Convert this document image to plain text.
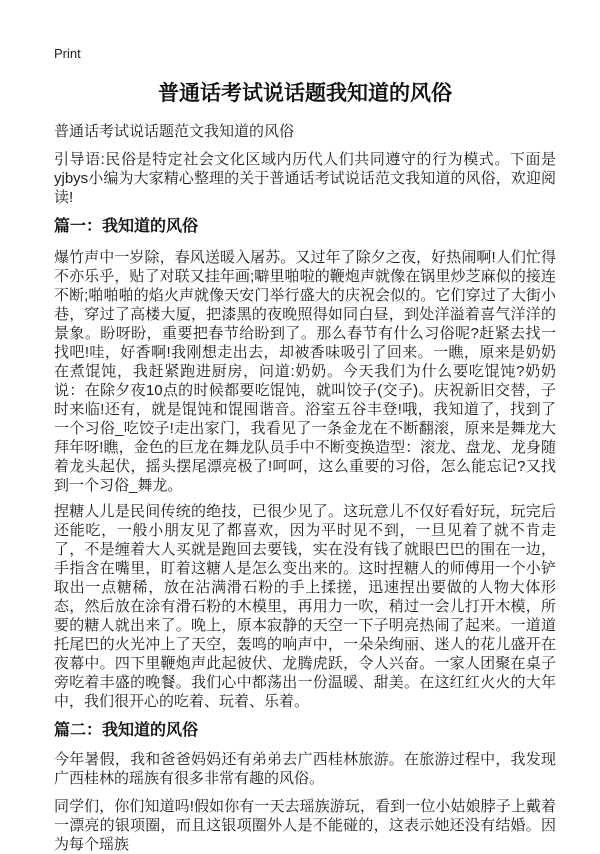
Print
普通话考试说话题我知道的风俗

普通话考试说话题范文我知道的风俗

引导语:民俗是特定社会文化区域内历代人们共同遵守的行为模式。下面是yjbys小编为大家精心整理的关于普通话考试说话范文我知道的风俗，欢迎阅读!

篇一：我知道的风俗

爆竹声中一岁除，春风送暖入屠苏。又过年了除夕之夜，好热闹啊!人们忙得不亦乐乎，贴了对联又挂年画;噼里啪啦的鞭炮声就像在锅里炒芝麻似的接连不断;啪啪啪的焰火声就像天安门举行盛大的庆祝会似的。它们穿过了大街小巷，穿过了高楼大厦，把漆黑的夜晚照得如同白昼，到处洋溢着喜气洋洋的景象。盼呀盼，重要把春节给盼到了。那么春节有什么习俗呢?赶紧去找一找吧!哇，好香啊!我刚想走出去，却被香味吸引了回来。一瞧，原来是奶奶在煮馄饨，我赶紧跑进厨房，问道:奶奶。今天我们为什么要吃馄饨?奶奶说：在除夕夜10点的时候都要吃馄饨，就叫饺子(交子)。庆祝新旧交替，子时来临!还有，就是馄饨和馄囤谐音。浴室五谷丰登!哦，我知道了，找到了一个习俗_吃饺子!走出家门，我看见了一条金龙在不断翻滚，原来是舞龙大拜年呀!瞧，金色的巨龙在舞龙队员手中不断变换造型：滚龙、盘龙、龙身随着龙头起伏，摇头摆尾漂亮极了!呵呵，这么重要的习俗，怎么能忘记?又找到一个习俗_舞龙。

捏糖人儿是民间传统的绝技，已很少见了。这玩意儿不仅好看好玩，玩完后还能吃，一般小朋友见了都喜欢，因为平时见不到，一旦见着了就不肯走了，不是缠着大人买就是跑回去要钱，实在没有钱了就眼巴巴的围在一边，手指含在嘴里，盯着这糖人是怎么变出来的。这时捏糖人的师傅用一个小铲取出一点糖稀，放在沾满滑石粉的手上揉搓，迅速捏出要做的人物大体形态，然后放在涂有滑石粉的木模里，再用力一吹，稍过一会儿打开木模，所要的糖人就出来了。晚上，原本寂静的天空一下子明亮热闹了起来。一道道托尾巴的火光冲上了天空，轰鸣的响声中，一朵朵绚丽、迷人的花儿盛开在夜幕中。四下里鞭炮声此起彼伏、龙腾虎跃，令人兴奋。一家人团聚在桌子旁吃着丰盛的晚餐。我们心中都荡出一份温暖、甜美。在这红红火火的大年中，我们很开心的吃着、玩着、乐着。

篇二：我知道的风俗

今年暑假，我和爸爸妈妈还有弟弟去广西桂林旅游。在旅游过程中，我发现广西桂林的瑶族有很多非常有趣的风俗。

同学们，你们知道吗!假如你有一天去瑶族游玩，看到一位小姑娘脖子上戴着一漂亮的银项圈，而且这银项圈外人是不能碰的，这表示她还没有结婚。因为每个瑶族
